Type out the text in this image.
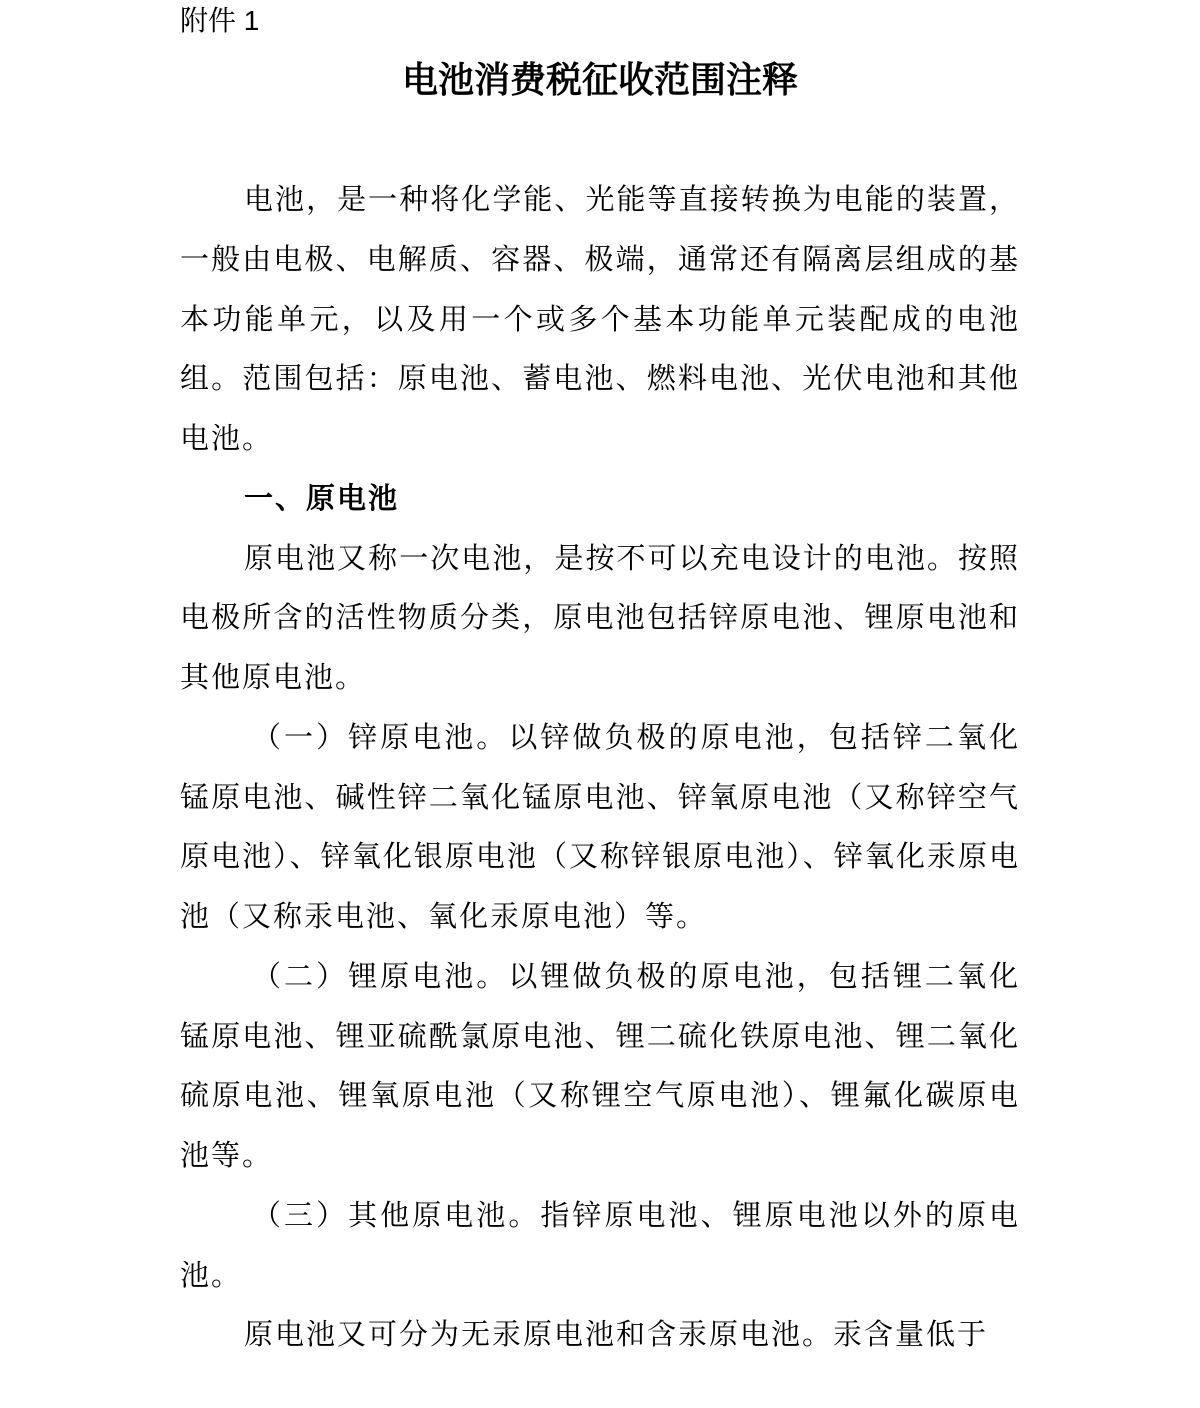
附件 1
电池消费税征收范围注释

电池，是一种将化学能、光能等直接转换为电能的装置，一般由电极、电解质、容器、极端，通常还有隔离层组成的基本功能单元，以及用一个或多个基本功能单元装配成的电池组。范围包括：原电池、蓄电池、燃料电池、光伏电池和其他电池。

一、原电池

原电池又称一次电池，是按不可以充电设计的电池。按照电极所含的活性物质分类，原电池包括锌原电池、锂原电池和其他原电池。

（一）锌原电池。以锌做负极的原电池，包括锌二氧化锰原电池、碱性锌二氧化锰原电池、锌氧原电池（又称锌空气原电池）、锌氧化银原电池（又称锌银原电池）、锌氧化汞原电池（又称汞电池、氧化汞原电池）等。

（二）锂原电池。以锂做负极的原电池，包括锂二氧化锰原电池、锂亚硫酰氯原电池、锂二硫化铁原电池、锂二氧化硫原电池、锂氧原电池（又称锂空气原电池）、锂氟化碳原电池等。

（三）其他原电池。指锌原电池、锂原电池以外的原电池。

原电池又可分为无汞原电池和含汞原电池。汞含量低于
